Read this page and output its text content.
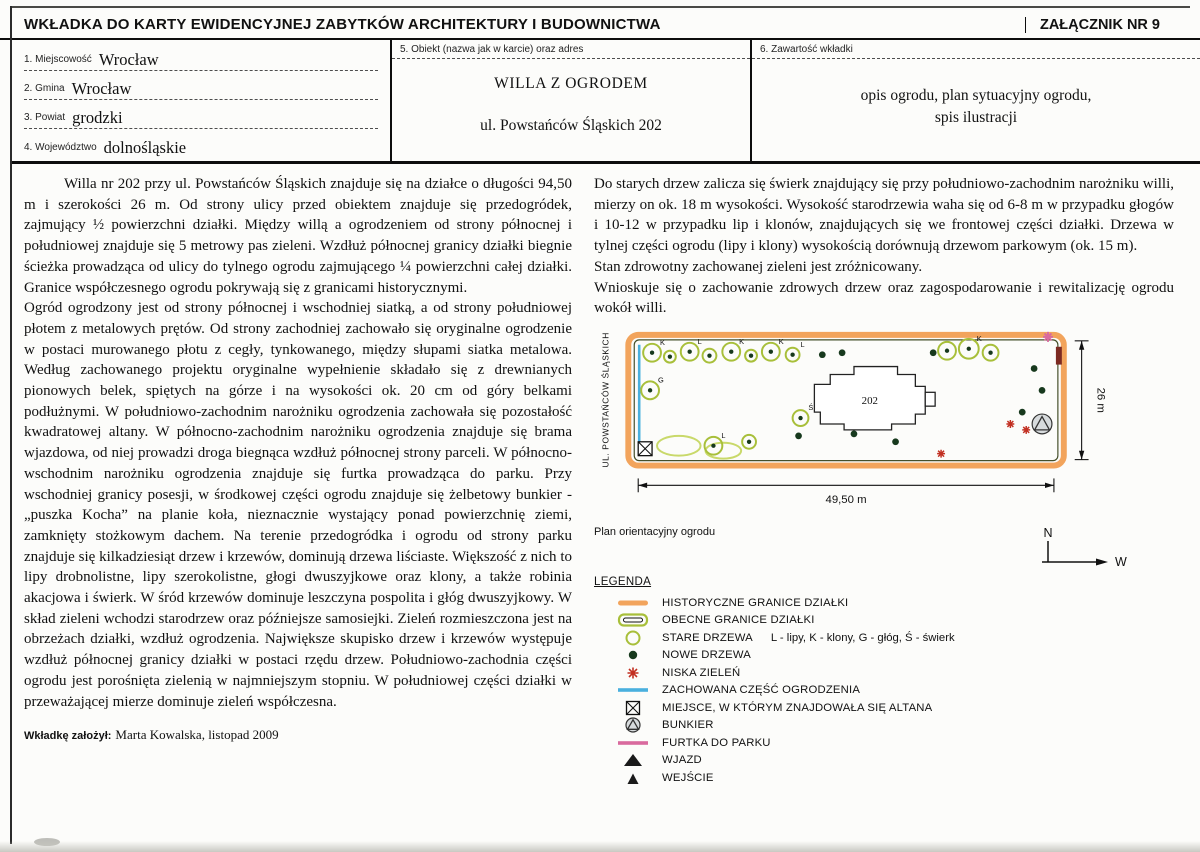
WKŁADKA DO KARTY EWIDENCYJNEJ ZABYTKÓW ARCHITEKTURY I BUDOWNICTWA	ZAŁĄCZNIK NR 9
1. Miejscowość Wrocław
2. Gmina Wrocław
3. Powiat grodzki
4. Województwo dolnośląskie
5. Obiekt (nazwa jak w karcie) oraz adres
WILLA Z OGRODEM
ul. Powstańców Śląskich 202
6. Zawartość wkładki
opis ogrodu, plan sytuacyjny ogrodu,
spis ilustracji

Willa nr 202 przy ul. Powstańców Śląskich znajduje się na działce o długości 94,50 m i szerokości 26 m. Od strony ulicy przed obiektem znajduje się przedogródek, zajmujący ½ powierzchni działki. Między willą a ogrodzeniem od strony północnej i południowej znajduje się 5 metrowy pas zieleni. Wzdłuż północnej granicy działki biegnie ścieżka prowadząca od ulicy do tylnego ogrodu zajmującego ¼ powierzchni całej działki. Granice współczesnego ogrodu pokrywają się z granicami historycznymi.

Ogród ogrodzony jest od strony północnej i wschodniej siatką, a od strony południowej płotem z metalowych prętów. Od strony zachodniej zachowało się oryginalne ogrodzenie w postaci murowanego płotu z cegły, tynkowanego, między słupami siatka metalowa. Według zachowanego projektu oryginalne wypełnienie składało się z drewnianych pionowych belek, spiętych na górze i na wysokości ok. 20 cm od góry belkami podłużnymi. W południowo-zachodnim narożniku ogrodzenia zachowała się pozostałość kwadratowej altany. W północno-zachodnim narożniku ogrodzenia znajduje się brama wjazdowa, od niej prowadzi droga biegnąca wzdłuż północnej strony parceli. W północno-wschodnim narożniku ogrodzenia znajduje się furtka prowadząca do parku. Przy wschodniej granicy posesji, w środkowej części ogrodu znajduje się żelbetowy bunkier - „puszka Kocha” na planie koła, nieznacznie wystający ponad powierzchnię ziemi, zamknięty stożkowym dachem. Na terenie przedogródka i ogrodu od strony parku znajduje się kilkadziesiąt drzew i krzewów, dominują drzewa liściaste. Większość z nich to lipy drobnolistne, lipy szerokolistne, głogi dwuszyjkowe oraz klony, a także robinia akacjowa i świerk. W śród krzewów dominuje leszczyna pospolita i głóg dwuszyjkowy. W skład zieleni wchodzi starodrzew oraz późniejsze samosiejki. Zieleń rozmieszczona jest na obrzeżach działki, wzdłuż ogrodzenia. Największe skupisko drzew i krzewów występuje wzdłuż północnej granicy działki w postaci rzędu drzew. Południowo-zachodnia części ogrodu jest porośnięta zielenią w najmniejszym stopniu. W południowej części działki w przeważającej mierze dominuje zieleń współczesna.

Wkładkę założył: Marta Kowalska, listopad 2009

Do starych drzew zalicza się świerk znajdujący się przy południowo-zachodnim narożniku willi, mierzy on ok. 18 m wysokości. Wysokość starodrzewia waha się od 6-8 m w przypadku głogów i 10-12 w przypadku lip i klonów, znajdujących się we frontowej części działki. Drzewa w tylnej części ogrodu (lipy i klony) wysokością dorównują drzewom parkowym (ok. 15 m).

Stan zdrowotny zachowanej zieleni jest zróżnicowany.

Wnioskuje się o zachowanie zdrowych drzew oraz zagospodarowanie i rewitalizację ogrodu wokół willi.

UL. POWSTAŃCÓW ŚLĄSKICH	202
K	L	K	K L
K
G
Ś
L
49,50 m
26 m
Plan orientacyjny ogrodu	N
W
LEGENDA
HISTORYCZNE GRANICE DZIAŁKI
OBECNE GRANICE DZIAŁKI
STARE DRZEWA L - lipy, K - klony, G - głóg, Ś - świerk
NOWE DRZEWA
NISKA ZIELEŃ
ZACHOWANA CZĘŚĆ OGRODZENIA
MIEJSCE, W KTÓRYM ZNAJDOWAŁA SIĘ ALTANA
BUNKIER
FURTKA DO PARKU
WJAZD
WEJŚCIE
